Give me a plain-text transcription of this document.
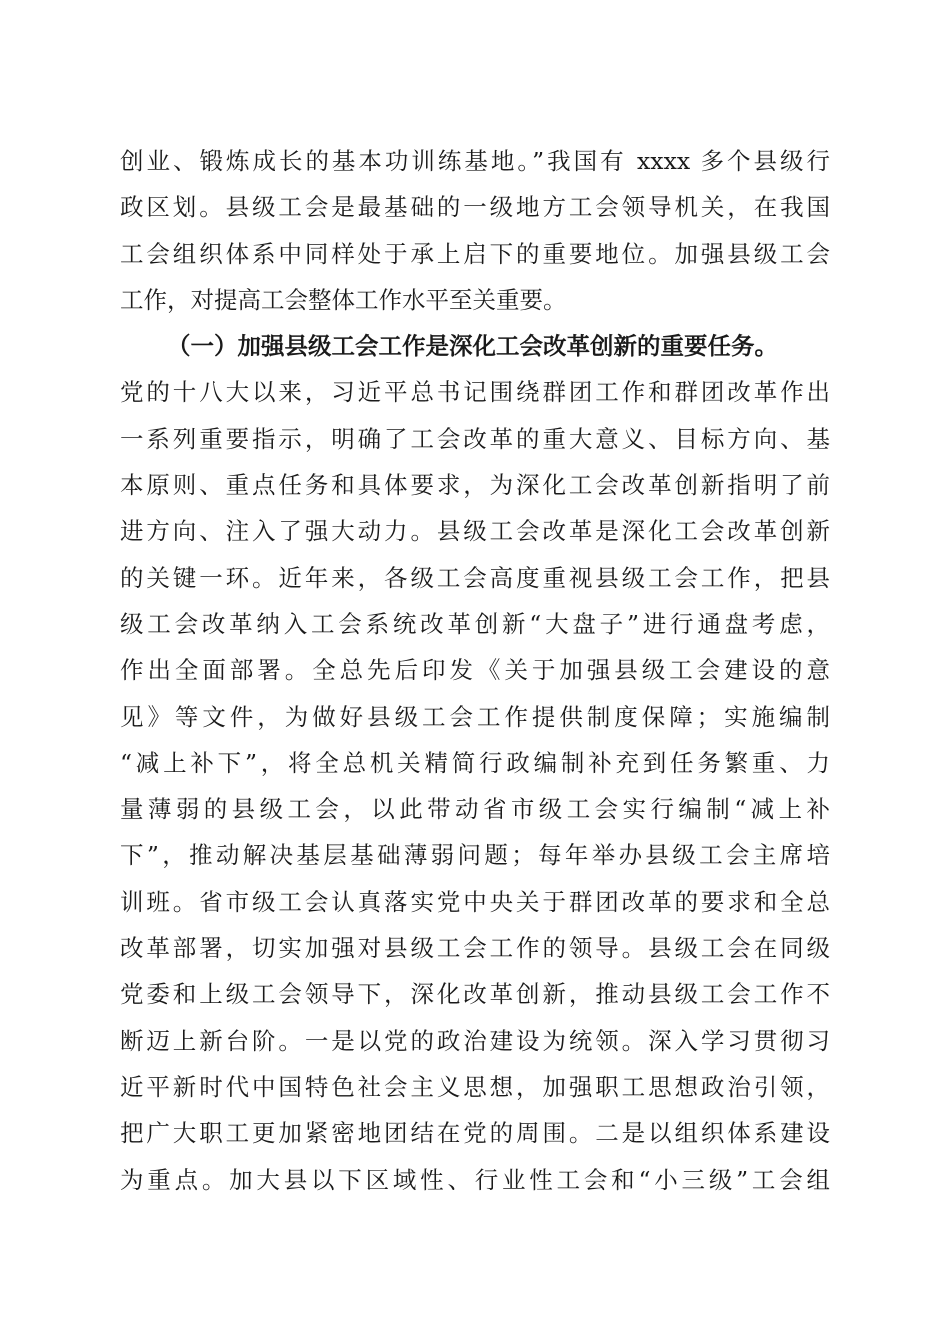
创业、锻炼成长的基本功训练基地。”我国有 xxxx 多个县级行
政区划。县级工会是最基础的一级地方工会领导机关，在我国
工会组织体系中同样处于承上启下的重要地位。加强县级工会
工作，对提高工会整体工作水平至关重要。
（一）加强县级工会工作是深化工会改革创新的重要任务。
党的十八大以来，习近平总书记围绕群团工作和群团改革作出
一系列重要指示，明确了工会改革的重大意义、目标方向、基
本原则、重点任务和具体要求，为深化工会改革创新指明了前
进方向、注入了强大动力。县级工会改革是深化工会改革创新
的关键一环。近年来，各级工会高度重视县级工会工作，把县
级工会改革纳入工会系统改革创新“大盘子”进行通盘考虑，
作出全面部署。全总先后印发《关于加强县级工会建设的意
见》等文件，为做好县级工会工作提供制度保障；实施编制
“减上补下”，将全总机关精简行政编制补充到任务繁重、力
量薄弱的县级工会，以此带动省市级工会实行编制“减上补
下”，推动解决基层基础薄弱问题；每年举办县级工会主席培
训班。省市级工会认真落实党中央关于群团改革的要求和全总
改革部署，切实加强对县级工会工作的领导。县级工会在同级
党委和上级工会领导下，深化改革创新，推动县级工会工作不
断迈上新台阶。一是以党的政治建设为统领。深入学习贯彻习
近平新时代中国特色社会主义思想，加强职工思想政治引领，
把广大职工更加紧密地团结在党的周围。二是以组织体系建设
为重点。加大县以下区域性、行业性工会和“小三级”工会组
